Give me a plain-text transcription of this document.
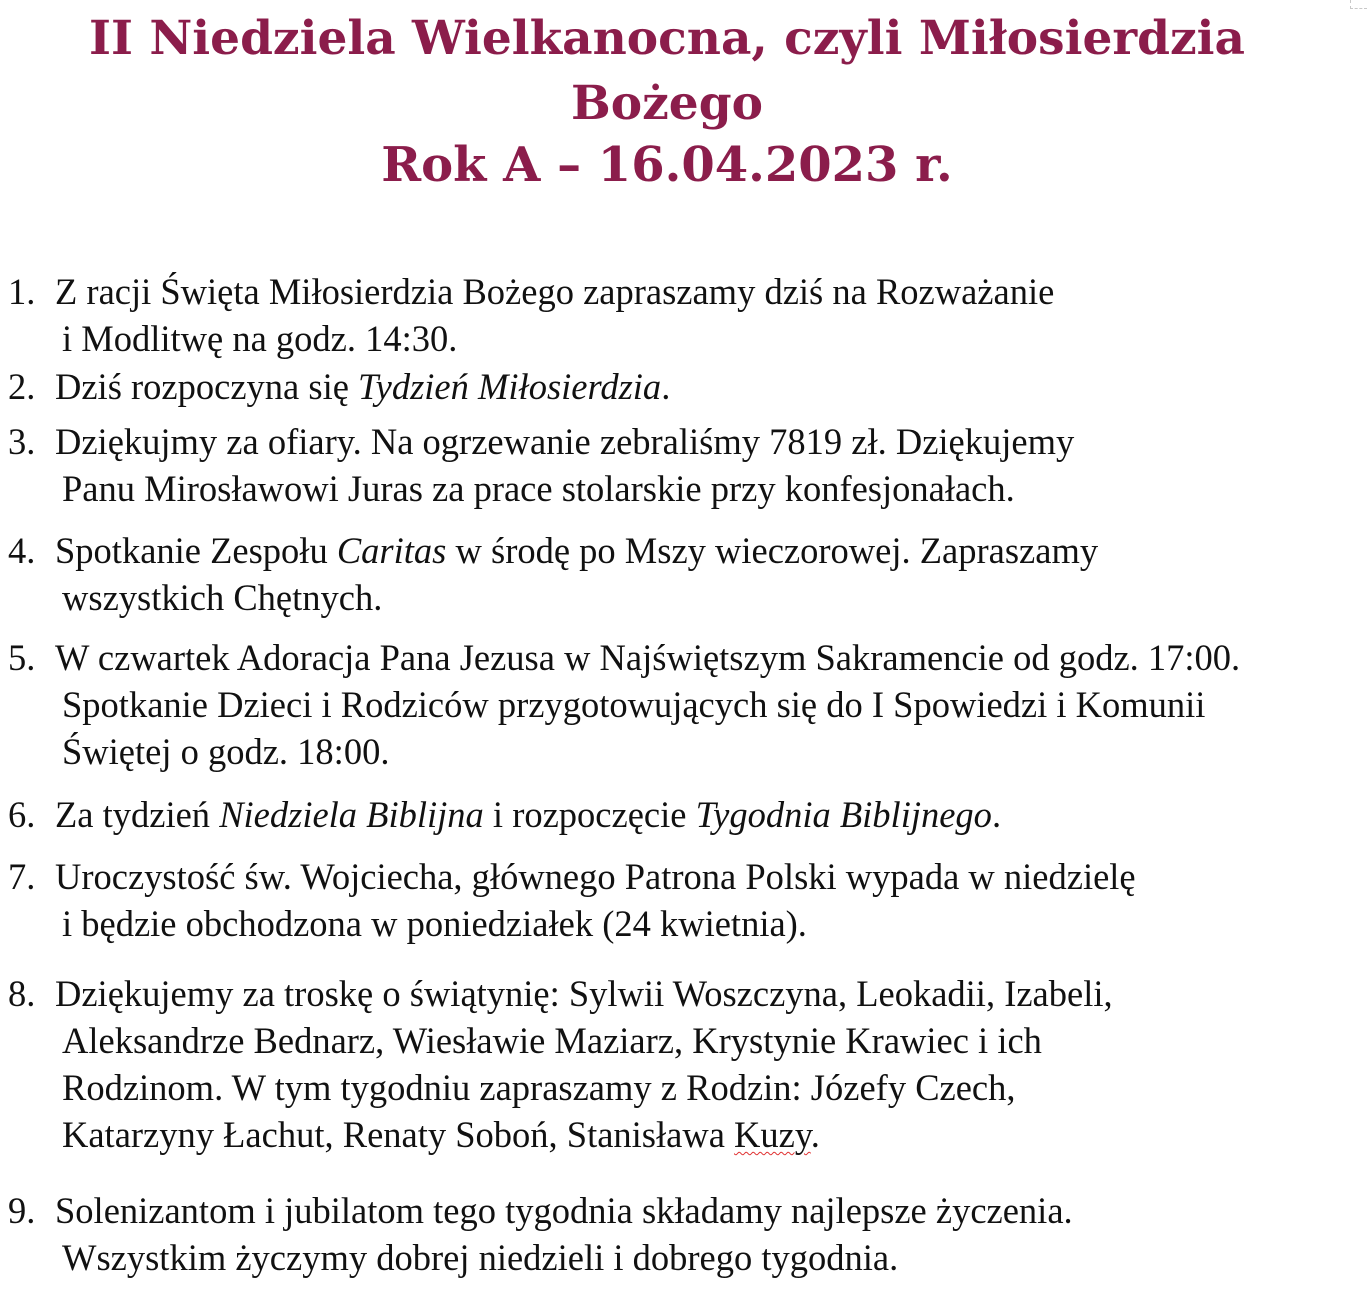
II Niedziela Wielkanocna, czyli Miłosierdzia
Bożego
Rok A – 16.04.2023 r.
1. Z racji Święta Miłosierdzia Bożego zapraszamy dziś na Rozważanie
i Modlitwę na godz. 14:30.
2. Dziś rozpoczyna się Tydzień Miłosierdzia.
3. Dziękujmy za ofiary. Na ogrzewanie zebraliśmy 7819 zł. Dziękujemy
Panu Mirosławowi Juras za prace stolarskie przy konfesjonałach.
4. Spotkanie Zespołu Caritas w środę po Mszy wieczorowej. Zapraszamy
wszystkich Chętnych.
5. W czwartek Adoracja Pana Jezusa w Najświętszym Sakramencie od godz. 17:00.
Spotkanie Dzieci i Rodziców przygotowujących się do I Spowiedzi i Komunii
Świętej o godz. 18:00.
6. Za tydzień Niedziela Biblijna i rozpoczęcie Tygodnia Biblijnego.
7. Uroczystość św. Wojciecha, głównego Patrona Polski wypada w niedzielę
i będzie obchodzona w poniedziałek (24 kwietnia).
8. Dziękujemy za troskę o świątynię: Sylwii Woszczyna, Leokadii, Izabeli,
Aleksandrze Bednarz, Wiesławie Maziarz, Krystynie Krawiec i ich
Rodzinom. W tym tygodniu zapraszamy z Rodzin: Józefy Czech,
Katarzyny Łachut, Renaty Soboń, Stanisława Kuzy.
9. Solenizantom i jubilatom tego tygodnia składamy najlepsze życzenia.
Wszystkim życzymy dobrej niedzieli i dobrego tygodnia.
